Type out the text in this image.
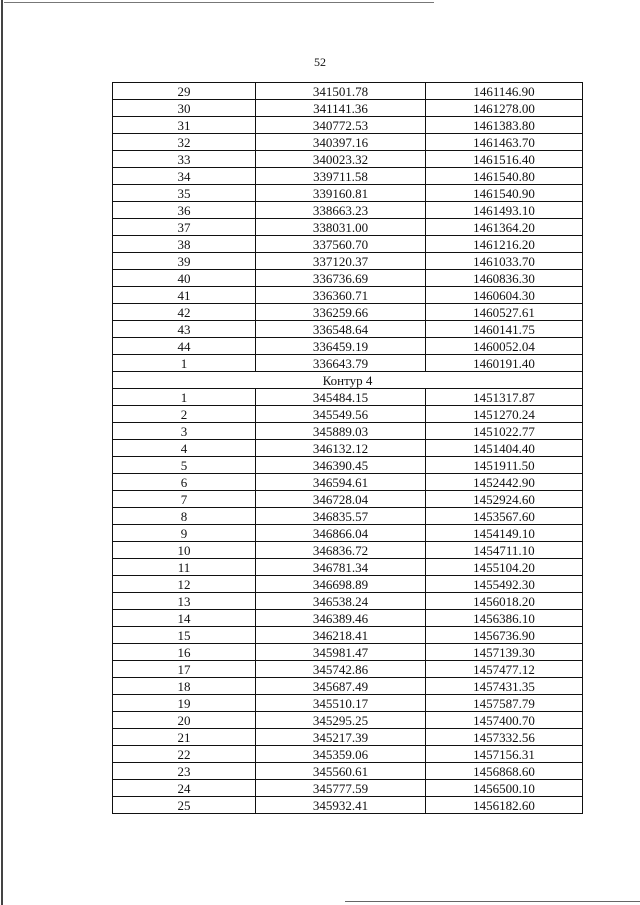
52
29	341501.78	1461146.90
30	341141.36	1461278.00
31	340772.53	1461383.80
32	340397.16	1461463.70
33	340023.32	1461516.40
34	339711.58	1461540.80
35	339160.81	1461540.90
36	338663.23	1461493.10
37	338031.00	1461364.20
38	337560.70	1461216.20
39	337120.37	1461033.70
40	336736.69	1460836.30
41	336360.71	1460604.30
42	336259.66	1460527.61
43	336548.64	1460141.75
44	336459.19	1460052.04
1	336643.79	1460191.40
Контур 4		
1	345484.15	1451317.87
2	345549.56	1451270.24
3	345889.03	1451022.77
4	346132.12	1451404.40
5	346390.45	1451911.50
6	346594.61	1452442.90
7	346728.04	1452924.60
8	346835.57	1453567.60
9	346866.04	1454149.10
10	346836.72	1454711.10
11	346781.34	1455104.20
12	346698.89	1455492.30
13	346538.24	1456018.20
14	346389.46	1456386.10
15	346218.41	1456736.90
16	345981.47	1457139.30
17	345742.86	1457477.12
18	345687.49	1457431.35
19	345510.17	1457587.79
20	345295.25	1457400.70
21	345217.39	1457332.56
22	345359.06	1457156.31
23	345560.61	1456868.60
24	345777.59	1456500.10
25	345932.41	1456182.60
